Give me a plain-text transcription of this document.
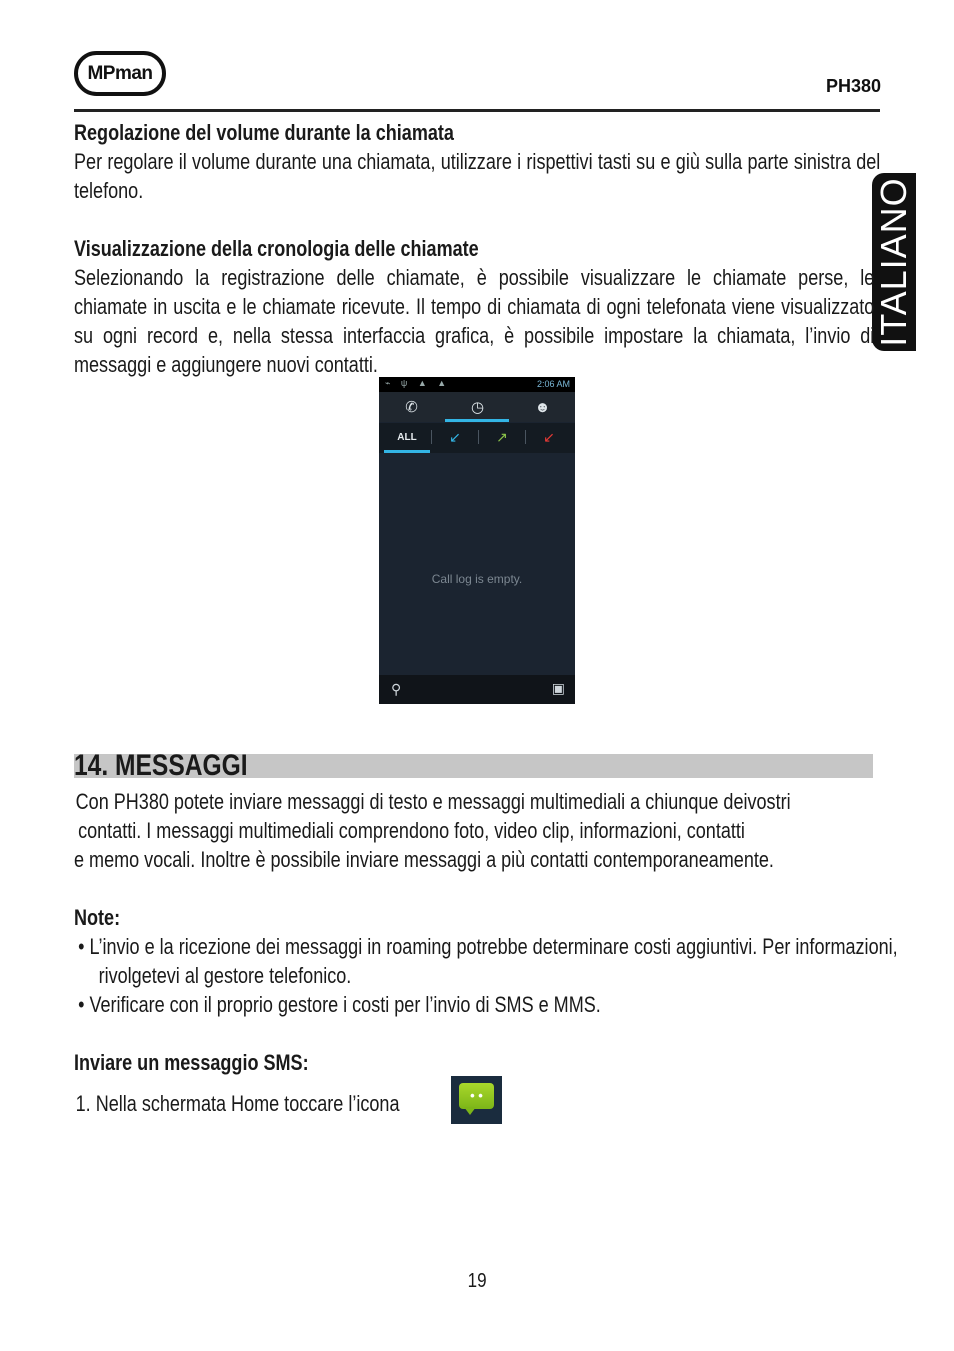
MPman
PH380
ITALIANO
Regolazione del volume durante la chiamata
Per regolare il volume durante una chiamata, utilizzare i rispettivi tasti su e giù sulla parte sinistra del telefono.
Visualizzazione della cronologia delle chiamate
Selezionando la registrazione delle chiamate, è possibile visualizzare le chiamate perse, le chiamate in uscita e le chiamate ricevute. Il tempo di chiamata di ogni telefonata viene visualizzato su ogni record e, nella stessa interfaccia grafica, è possibile impostare la chiamata, l’invio di messaggi e aggiungere nuovi contatti.
⌁ ψ ▲ ▲	2:06 AM
✆	◷	☻
ALL	↙	↗	↙
Call log is empty.
⚲	▣
14. MESSAGGI
Con PH380 potete inviare messaggi di testo e messaggi multimediali a chiunque deivostri
contatti. I messaggi multimediali comprendono foto, video clip, informazioni, contatti
e memo vocali. Inoltre è possibile inviare messaggi a più contatti contemporaneamente.
Note:
• L’invio e la ricezione dei messaggi in roaming potrebbe determinare costi aggiuntivi. Per informazioni, rivolgetevi al gestore telefonico.
• Verificare con il proprio gestore i costi per l’invio di SMS e MMS.
Inviare un messaggio SMS:
1. Nella schermata Home toccare l’icona	• •

19
